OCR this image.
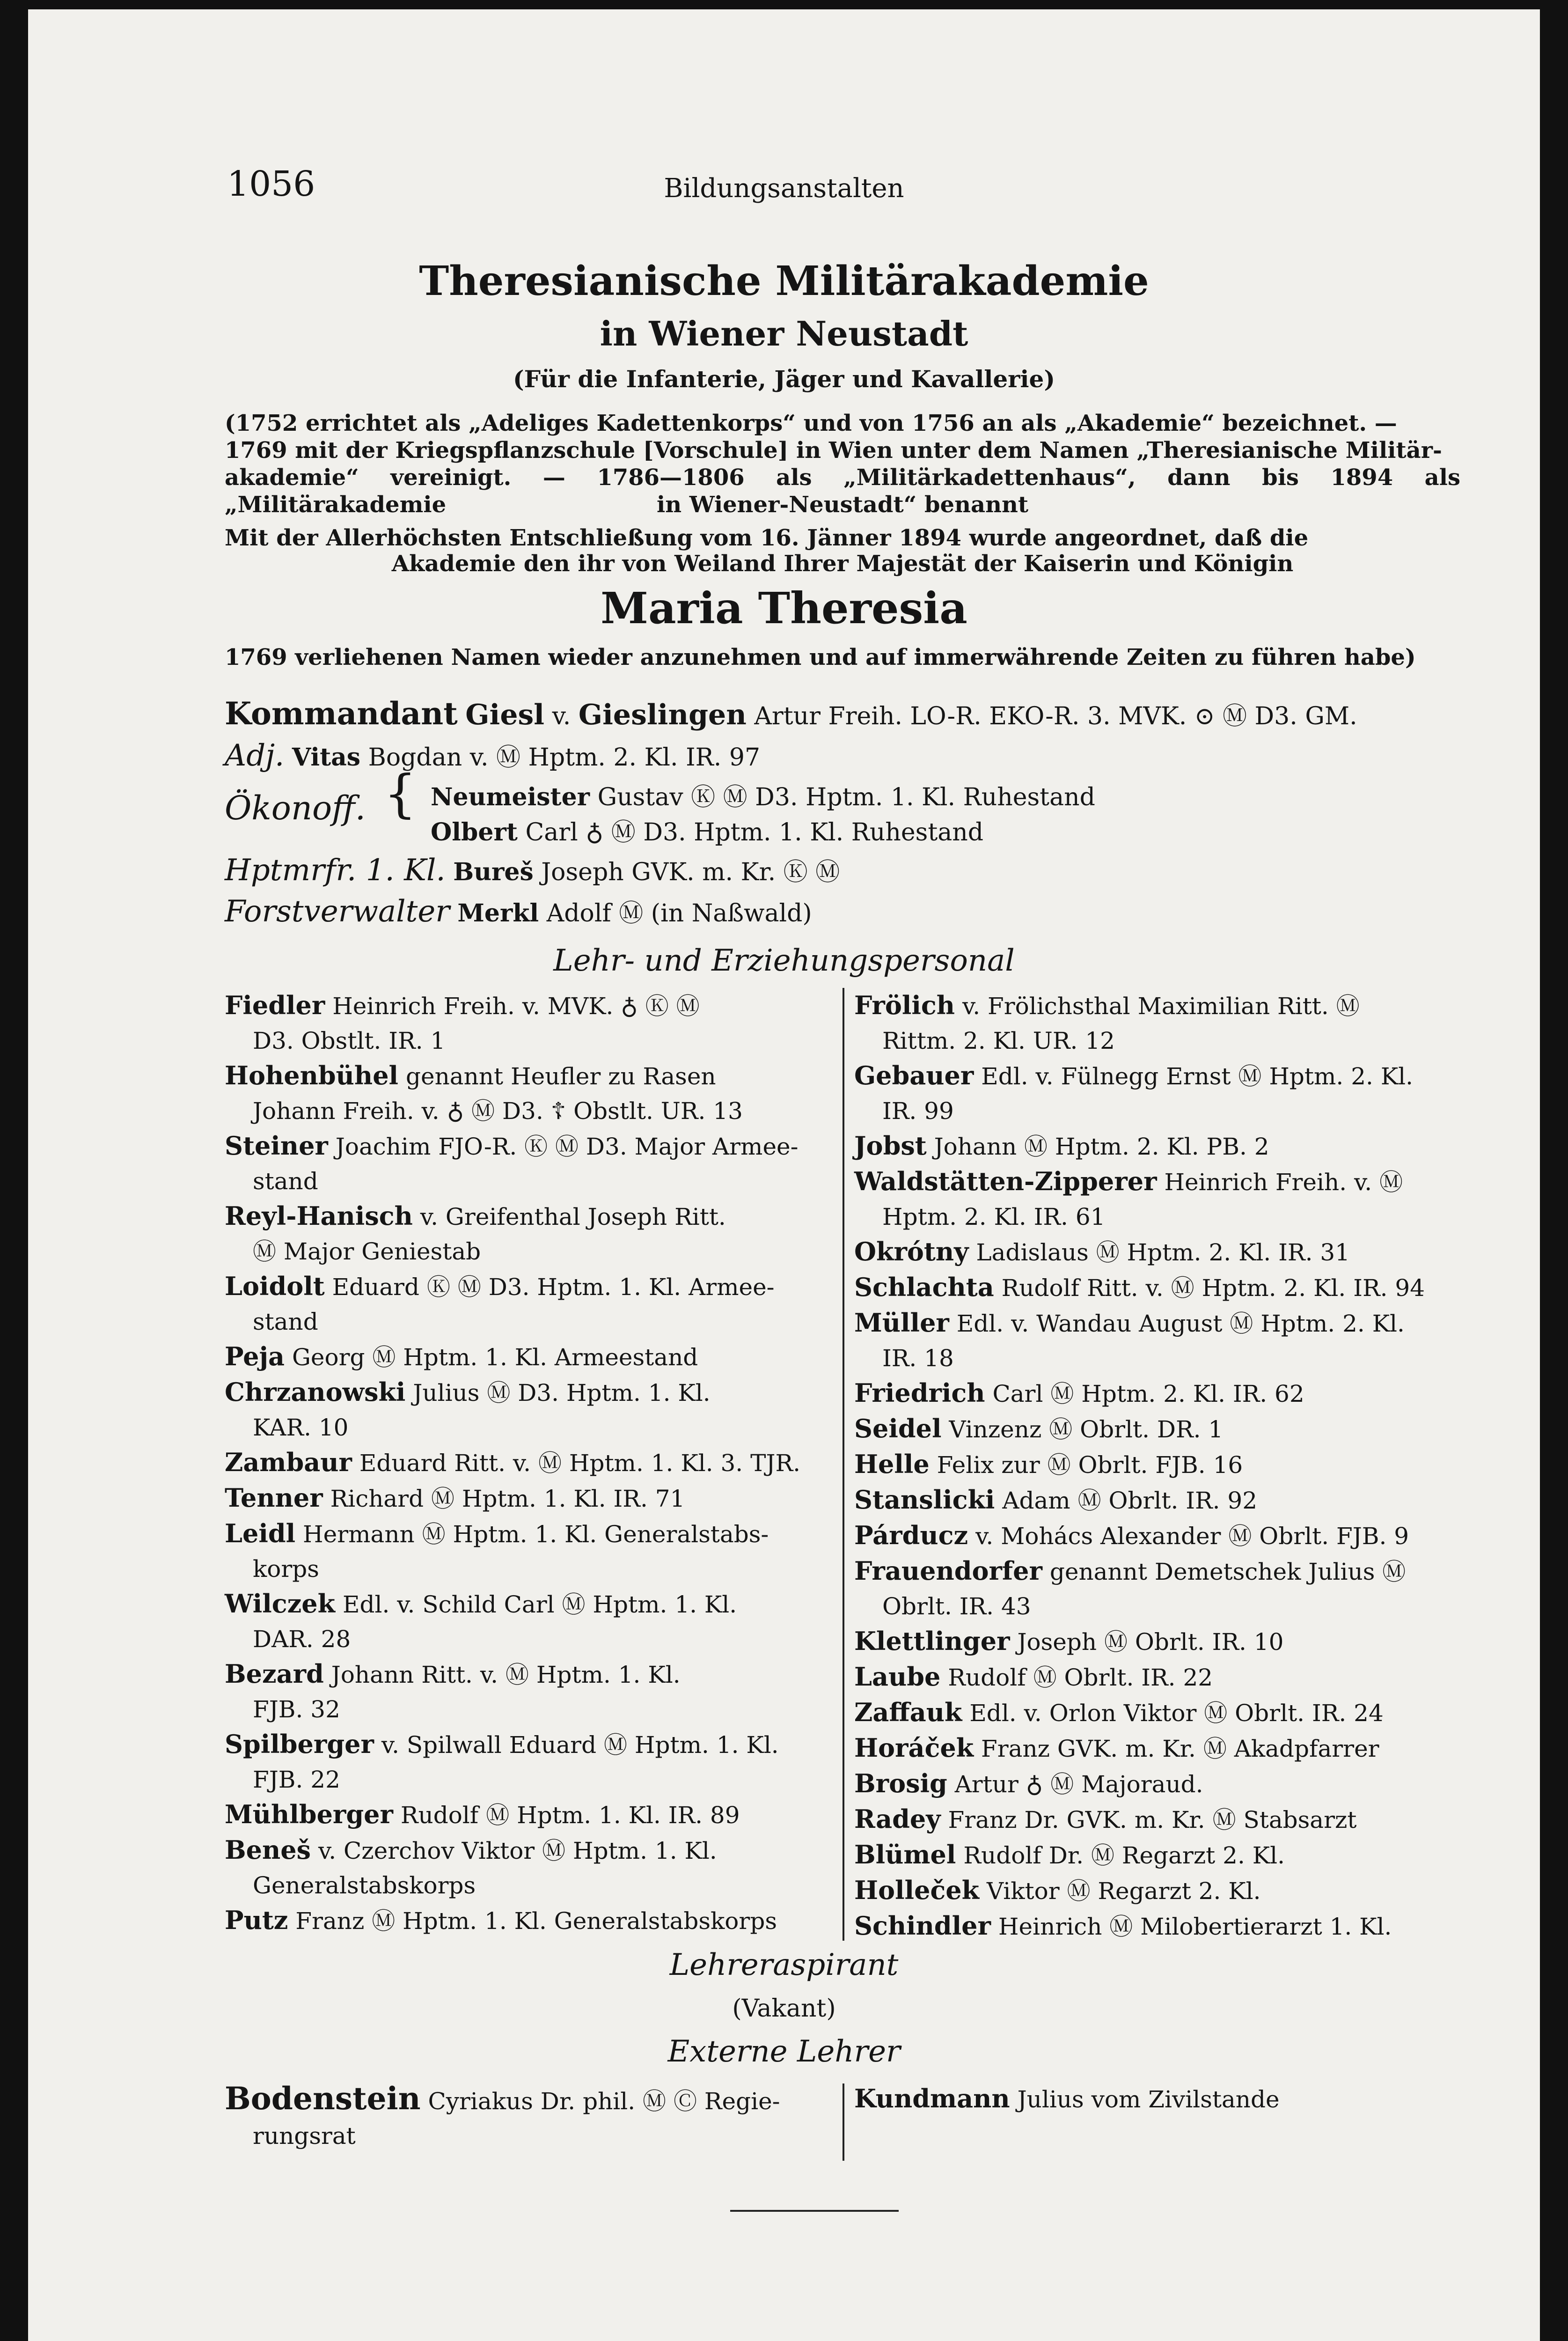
1056	Bildungsanstalten
Theresianische Militärakademie
in Wiener Neustadt
(Für die Infanterie, Jäger und Kavallerie)
(1752 errichtet als „Adeliges Kadettenkorps“ und von 1756 an als „Akademie“ bezeichnet. —
1769 mit der Kriegspflanzschule [Vorschule] in Wien unter dem Namen „Theresianische Militär-
akademie“ vereinigt. — 1786—1806 als „Militärkadettenhaus“, dann bis 1894 als „Militärakademie	in Wiener-Neustadt“ benannt
Mit der Allerhöchsten Entschließung vom 16. Jänner 1894 wurde angeordnet, daß die
Akademie den ihr von Weiland Ihrer Majestät der Kaiserin und Königin
Maria Theresia
1769 verliehenen Namen wieder anzunehmen und auf immerwährende Zeiten zu führen habe)
Kommandant Giesl v. Gieslingen Artur Freih. LO-R. EKO-R. 3. MVK. ⊙ Ⓜ D3. GM.
Adj. Vitas Bogdan v. Ⓜ Hptm. 2. Kl. IR. 97
Ökonoff. { Neumeister Gustav Ⓚ Ⓜ D3. Hptm. 1. Kl. Ruhestand
Olbert Carl ♁ Ⓜ D3. Hptm. 1. Kl. Ruhestand
Hptmrfr. 1. Kl. Bureš Joseph GVK. m. Kr. Ⓚ Ⓜ
Forstverwalter Merkl Adolf Ⓜ (in Naßwald)
Lehr- und Erziehungspersonal
Fiedler Heinrich Freih. v. MVK. ♁ Ⓚ Ⓜ
D3. Obstlt. IR. 1
Hohenbühel genannt Heufler zu Rasen
Johann Freih. v. ♁ Ⓜ D3. ☦ Obstlt. UR. 13
Steiner Joachim FJO-R. Ⓚ Ⓜ D3. Major Armee-
stand
Reyl-Hanisch v. Greifenthal Joseph Ritt.
Ⓜ Major Geniestab
Loidolt Eduard Ⓚ Ⓜ D3. Hptm. 1. Kl. Armee-
stand
Peja Georg Ⓜ Hptm. 1. Kl. Armeestand
Chrzanowski Julius Ⓜ D3. Hptm. 1. Kl.
KAR. 10
Zambaur Eduard Ritt. v. Ⓜ Hptm. 1. Kl. 3. TJR.
Tenner Richard Ⓜ Hptm. 1. Kl. IR. 71
Leidl Hermann Ⓜ Hptm. 1. Kl. Generalstabs-
korps
Wilczek Edl. v. Schild Carl Ⓜ Hptm. 1. Kl.
DAR. 28
Bezard Johann Ritt. v. Ⓜ Hptm. 1. Kl.
FJB. 32
Spilberger v. Spilwall Eduard Ⓜ Hptm. 1. Kl.
FJB. 22
Mühlberger Rudolf Ⓜ Hptm. 1. Kl. IR. 89
Beneš v. Czerchov Viktor Ⓜ Hptm. 1. Kl.
Generalstabskorps
Putz Franz Ⓜ Hptm. 1. Kl. Generalstabskorps
Frölich v. Frölichsthal Maximilian Ritt. Ⓜ
Rittm. 2. Kl. UR. 12
Gebauer Edl. v. Fülnegg Ernst Ⓜ Hptm. 2. Kl.
IR. 99
Jobst Johann Ⓜ Hptm. 2. Kl. PB. 2
Waldstätten-Zipperer Heinrich Freih. v. Ⓜ
Hptm. 2. Kl. IR. 61
Okrótny Ladislaus Ⓜ Hptm. 2. Kl. IR. 31
Schlachta Rudolf Ritt. v. Ⓜ Hptm. 2. Kl. IR. 94
Müller Edl. v. Wandau August Ⓜ Hptm. 2. Kl.
IR. 18
Friedrich Carl Ⓜ Hptm. 2. Kl. IR. 62
Seidel Vinzenz Ⓜ Obrlt. DR. 1
Helle Felix zur Ⓜ Obrlt. FJB. 16
Stanslicki Adam Ⓜ Obrlt. IR. 92
Párducz v. Mohács Alexander Ⓜ Obrlt. FJB. 9
Frauendorfer genannt Demetschek Julius Ⓜ
Obrlt. IR. 43
Klettlinger Joseph Ⓜ Obrlt. IR. 10
Laube Rudolf Ⓜ Obrlt. IR. 22
Zaffauk Edl. v. Orlon Viktor Ⓜ Obrlt. IR. 24
Horáček Franz GVK. m. Kr. Ⓜ Akadpfarrer
Brosig Artur ♁ Ⓜ Majoraud.
Radey Franz Dr. GVK. m. Kr. Ⓜ Stabsarzt
Blümel Rudolf Dr. Ⓜ Regarzt 2. Kl.
Holleček Viktor Ⓜ Regarzt 2. Kl.
Schindler Heinrich Ⓜ Milobertierarzt 1. Kl.
Lehreraspirant
(Vakant)
Externe Lehrer
Bodenstein Cyriakus Dr. phil. Ⓜ Ⓒ Regie-
rungsrat
Kundmann Julius vom Zivilstande
